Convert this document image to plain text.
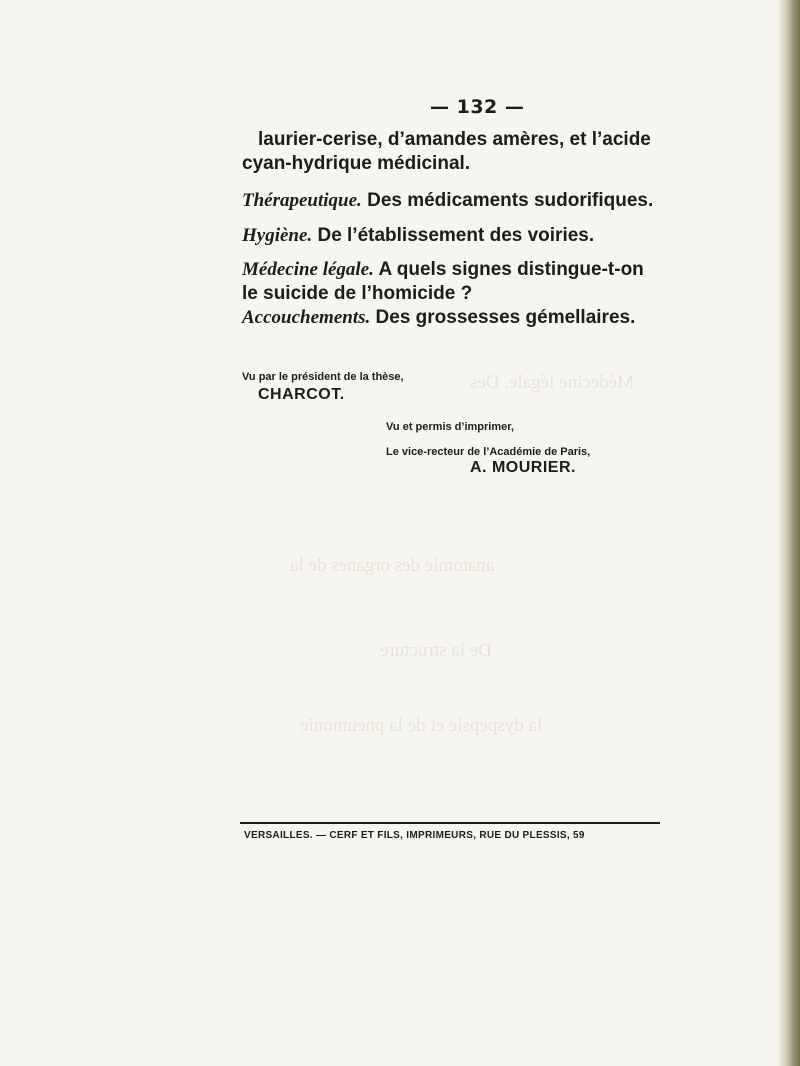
— 132 —
laurier-cerise, d’amandes amères, et l’acide cyan-hydrique médicinal.
Thérapeutique. Des médicaments sudorifiques.
Hygiène. De l’établissement des voiries.
Médecine légale. A quels signes distingue-t-on le suicide de l’homicide ?
Accouchements. Des grossesses gémellaires.
Vu par le président de la thèse,
CHARCOT.
Vu et permis d’imprimer,
Le vice-recteur de l’Académie de Paris,
A. MOURIER.
Médecine légale. Des
anatomie des organes de la
De la structure
la dyspepsie et de la pneumonie
VERSAILLES. — CERF ET FILS, IMPRIMEURS, RUE DU PLESSIS, 59
